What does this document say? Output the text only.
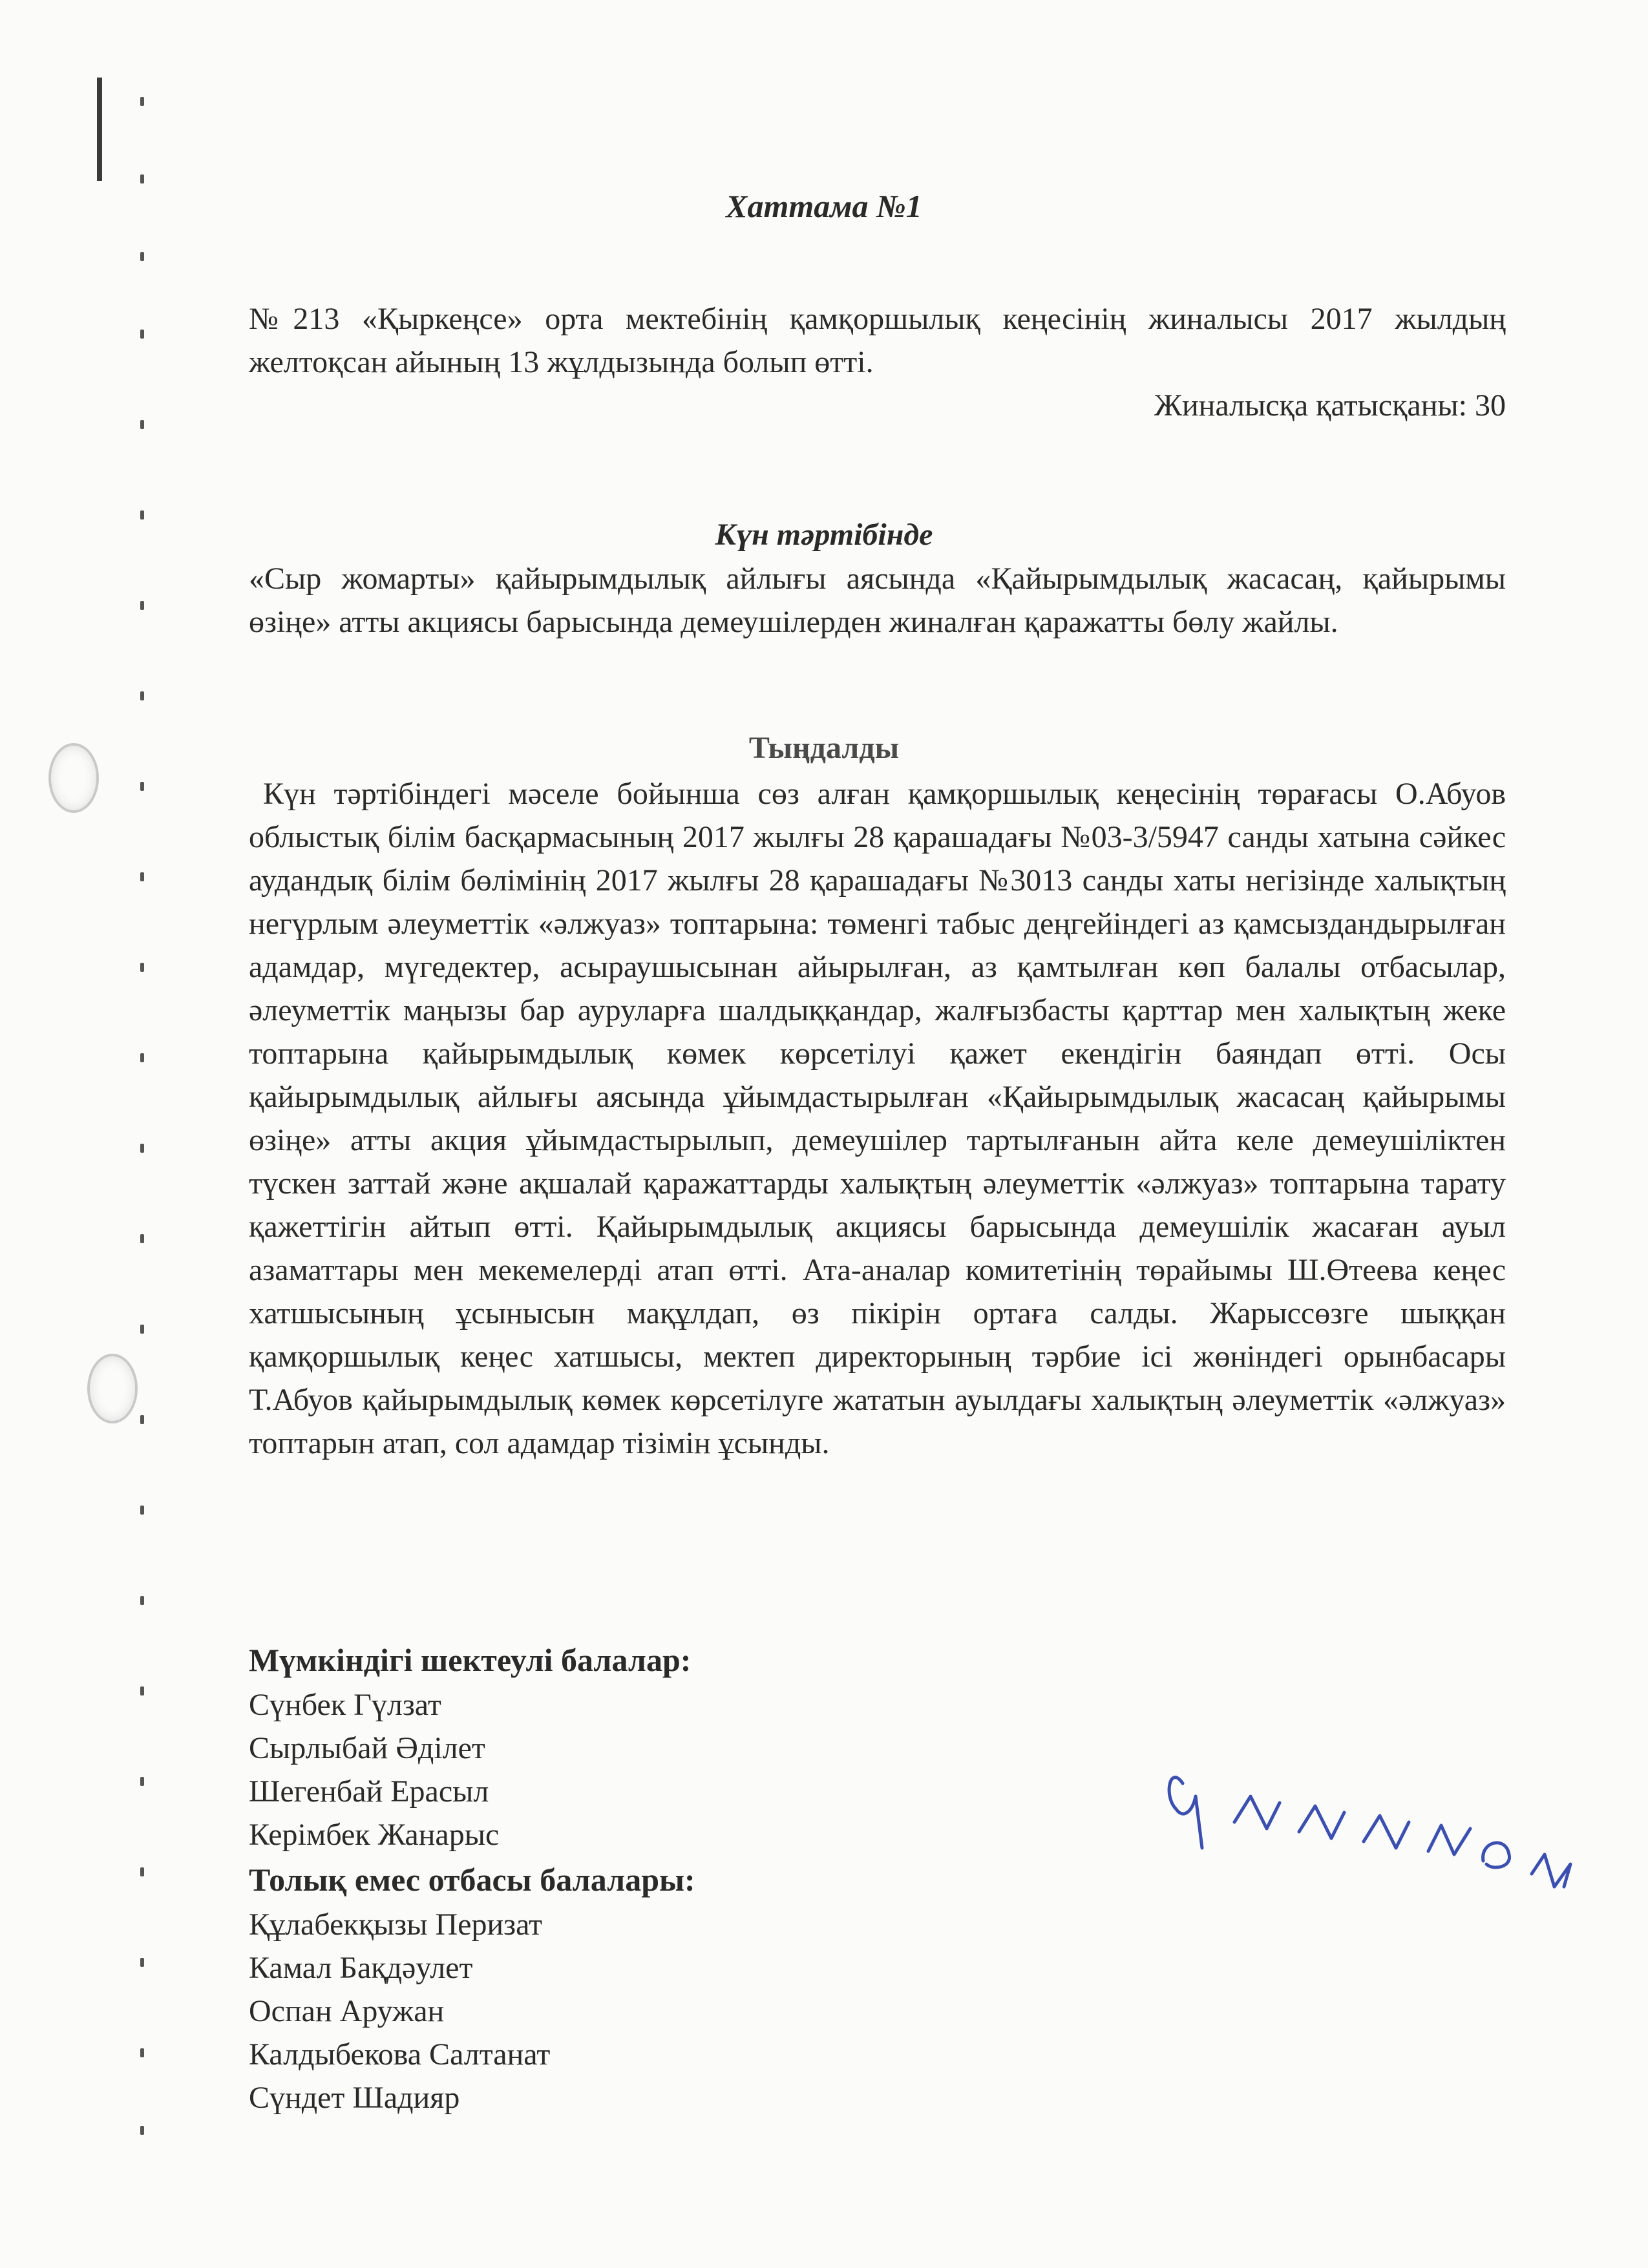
Хаттама №1
№213 «Қыркеңсе» орта мектебінің қамқоршылық кеңесінің жиналысы 2017 жылдың желтоқсан айының 13 жұлдызында болып өтті.
Жиналысқа қатысқаны: 30
Күн тәртібінде
«Сыр жомарты» қайырымдылық айлығы аясында «Қайырымдылық жасасаң, қайырымы өзіңе» атты акциясы барысында демеушілерден жиналған қаражатты бөлу жайлы.
Тыңдалды
Күн тәртібіндегі мәселе бойынша сөз алған қамқоршылық кеңесінің төрағасы О.Абуов облыстық білім басқармасының 2017 жылғы 28 қарашадағы №03-3/5947 санды хатына сәйкес аудандық білім бөлімінің 2017 жылғы 28 қарашадағы №3013 санды хаты негізінде халықтың негүрлым әлеуметтік «әлжуаз» топтарына: төменгі табыс деңгейіндегі аз қамсыздандырылған адамдар, мүгедектер, асыраушысынан айырылған, аз қамтылған көп балалы отбасылар, әлеуметтік маңызы бар ауруларға шалдыққандар, жалғызбасты қарттар мен халықтың жеке топтарына қайырымдылық көмек көрсетілуі қажет екендігін баяндап өтті. Осы қайырымдылық айлығы аясында ұйымдастырылған «Қайырымдылық жасасаң қайырымы өзіңе» атты акция ұйымдастырылып, демеушілер тартылғанын айта келе демеушіліктен түскен заттай және ақшалай қаражаттарды халықтың әлеуметтік «әлжуаз» топтарына тарату қажеттігін айтып өтті. Қайырымдылық акциясы барысында демеушілік жасаған ауыл азаматтары мен мекемелерді атап өтті. Ата-аналар комитетінің төрайымы Ш.Өтеева кеңес хатшысының ұсынысын мақұлдап, өз пікірін ортаға салды. Жарыссөзге шыққан қамқоршылық кеңес хатшысы, мектеп директорының тәрбие ісі жөніндегі орынбасары Т.Абуов қайырымдылық көмек көрсетілуге жататын ауылдағы халықтың әлеуметтік «әлжуаз» топтарын атап, сол адамдар тізімін ұсынды.
Мүмкіндігі шектеулі балалар:
Сүнбек Гүлзат
Сырлыбай Әділет
Шегенбай Ерасыл
Керімбек Жанарыс
Толық емес отбасы балалары:
Құлабекқызы Перизат
Камал Бақдәулет
Оспан Аружан
Калдыбекова Салтанат
Сүндет Шадияр
